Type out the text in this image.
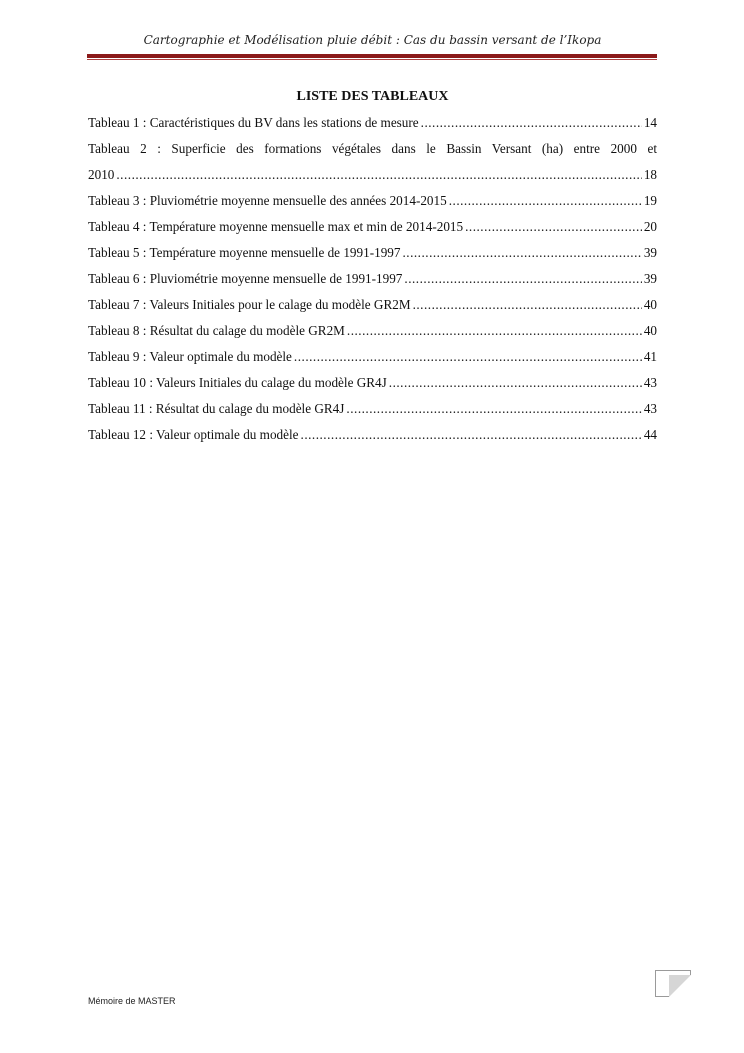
Cartographie et Modélisation pluie débit : Cas du bassin versant de l’Ikopa
LISTE DES TABLEAUX
Tableau 1 : Caractéristiques du BV dans les stations de mesure .....	14
Tableau 2 : Superficie des formations végétales dans le Bassin Versant (ha) entre 2000 et
2010 .....	18
Tableau 3 : Pluviométrie moyenne mensuelle des années 2014-2015 .....	19
Tableau 4 : Température moyenne mensuelle max et min de 2014-2015 .....	20
Tableau 5 : Température moyenne mensuelle de 1991-1997 .....	39
Tableau 6 : Pluviométrie moyenne mensuelle de 1991-1997 .....	39
Tableau 7 : Valeurs Initiales pour le calage du modèle GR2M .....	40
Tableau 8 : Résultat du calage du modèle GR2M .....	40
Tableau 9 : Valeur optimale du modèle .....	41
Tableau 10 : Valeurs Initiales du calage du modèle GR4J .....	43
Tableau 11 : Résultat du calage du modèle GR4J .....	43
Tableau 12 : Valeur optimale du modèle .....	44
v
Mémoire de MASTER
